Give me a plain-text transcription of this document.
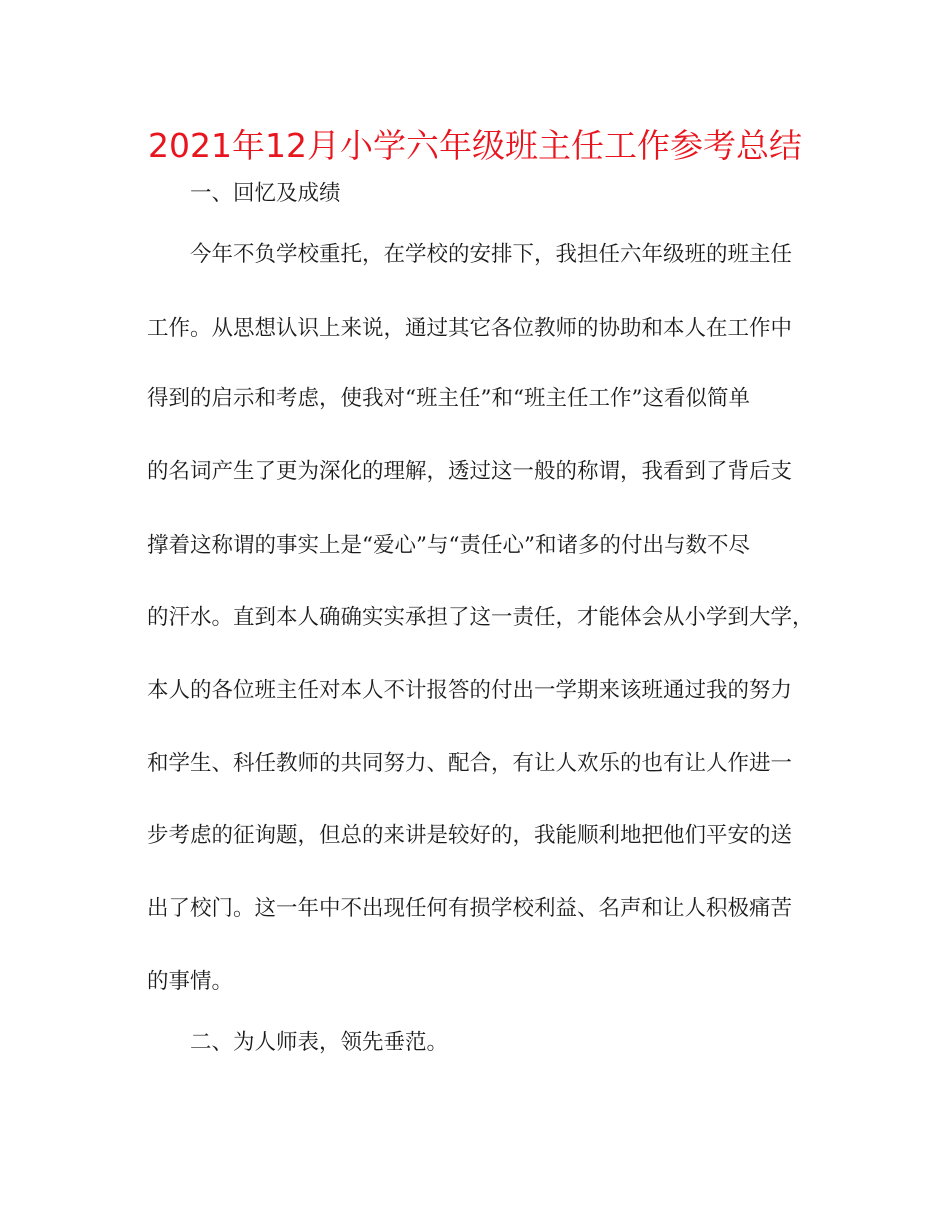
2021年12月小学六年级班主任工作参考总结

一、回忆及成绩

今年不负学校重托，在学校的安排下，我担任六年级班的班主任

工作。从思想认识上来说，通过其它各位教师的协助和本人在工作中

得到的启示和考虑，使我对“班主任”和“班主任工作”这看似简单

的名词产生了更为深化的理解，透过这一般的称谓，我看到了背后支

撑着这称谓的事实上是“爱心”与“责任心”和诸多的付出与数不尽

的汗水。直到本人确确实实承担了这一责任，才能体会从小学到大学，

本人的各位班主任对本人不计报答的付出一学期来该班通过我的努力

和学生、科任教师的共同努力、配合，有让人欢乐的也有让人作进一

步考虑的征询题，但总的来讲是较好的，我能顺利地把他们平安的送

出了校门。这一年中不出现任何有损学校利益、名声和让人积极痛苦

的事情。

二、为人师表，领先垂范。
